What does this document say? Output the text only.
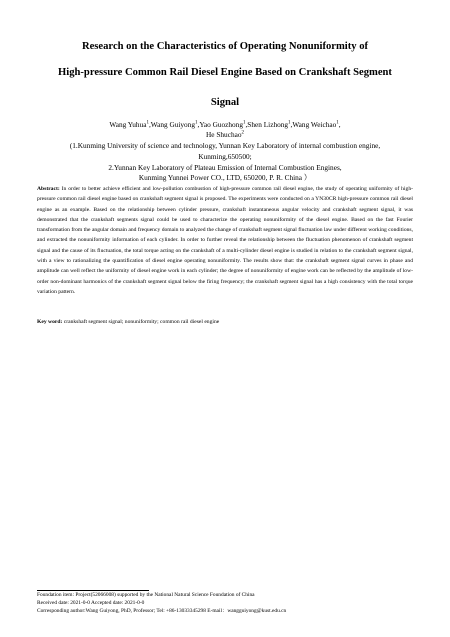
Research on the Characteristics of Operating Nonuniformity of
High-pressure Common Rail Diesel Engine Based on Crankshaft Segment
Signal
Wang Yuhua$^1$,Wang Guiyong$^1$,Yao Guozhong$^1$,Shen Lizhong$^1$,Wang Weichao$^1$,
He Shuchao$^2$
(1.Kunming University of science and technology, Yunnan Key Laboratory of internal combustion engine,
Kunming,650500;
2.Yunnan Key Laboratory of Plateau Emission of Internal Combustion Engines,
Kunming Yunnei Power CO., LTD, 650200, P. R. China ）

Abstract: In order to better achieve efficient and low-pollution combustion of high-pressure common rail diesel engine, the study of operating uniformity of high-pressure common rail diesel engine based on crankshaft segment signal is proposed. The experiments were conducted on a YN30CR high-pressure common rail diesel engine as an example. Based on the relationship between cylinder pressure, crankshaft instantaneous angular velocity and crankshaft segment signal, it was demonstrated that the crankshaft segments signal could be used to characterize the operating nonuniformity of the diesel engine. Based on the fast Fourier transformation from the angular domain and frequency domain to analyzed the change of crankshaft segment signal fluctuation law under different working conditions, and extracted the nonuniformity information of each cylinder. In order to further reveal the relationship between the fluctuation phenomenon of crankshaft segment signal and the cause of its fluctuation, the total torque acting on the crankshaft of a multi-cylinder diesel engine is studied in relation to the crankshaft segment signal, with a view to rationalizing the quantification of diesel engine operating nonuniformity. The results show that: the crankshaft segment signal curves in phase and amplitude can well reflect the uniformity of diesel engine work in each cylinder; the degree of nonuniformity of engine work can be reflected by the amplitude of low-order non-dominant harmonics of the crankshaft segment signal below the firing frequency; the crankshaft segment signal has a high consistency with the total torque variation pattern.

Key word: crankshaft segment signal; nonuniformity; common rail diesel engine

Foundation item: Project(52066008) supported by the National Natural Science Foundation of China
Received date: 2021-0-0 Accepted date: 2021-0-0
Corresponding author:Wang Guiyong, PhD, Professor; Tel: +86-13033345298 E-mail：wangguiyong@kust.edu.cn
